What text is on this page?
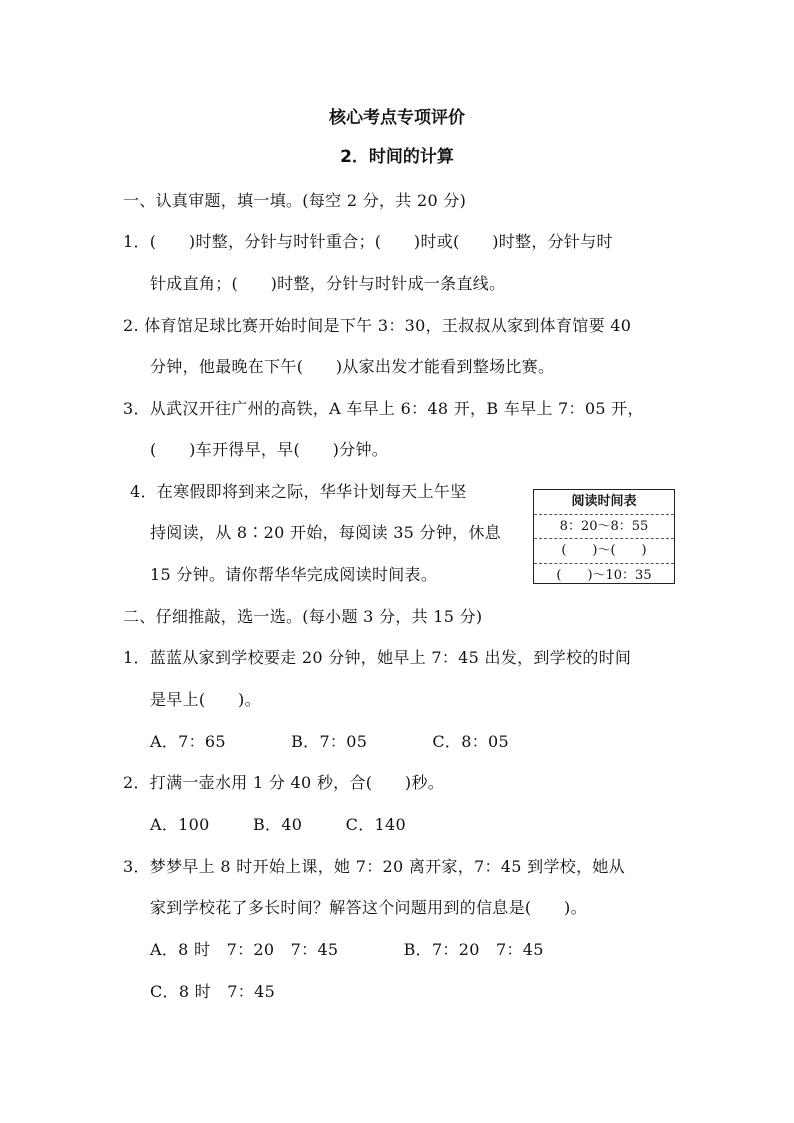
核心考点专项评价
2．时间的计算
一、认真审题，填一填。(每空 2 分，共 20 分)
1．(　　)时整，分针与时针重合；(　　)时或(　　)时整，分针与时
针成直角；(　　)时整，分针与时针成一条直线。
2. 体育馆足球比赛开始时间是下午 3：30，王叔叔从家到体育馆要 40
分钟，他最晚在下午(　　)从家出发才能看到整场比赛。
3．从武汉开往广州的高铁，A 车早上 6：48 开，B 车早上 7：05 开，
(　　)车开得早，早(　　)分钟。
4．在寒假即将到来之际，华华计划每天上午坚
持阅读，从 8∶20 开始，每阅读 35 分钟，休息
15 分钟。请你帮华华完成阅读时间表。
阅读时间表
8：20～8：55
(　　)～(　　)
(　　)～10：35
二、仔细推敲，选一选。(每小题 3 分，共 15 分)
1．蓝蓝从家到学校要走 20 分钟，她早上 7：45 出发，到学校的时间
是早上(　　)。
A．7：65　　　　B．7：05　　　　C．8：05
2．打满一壶水用 1 分 40 秒，合(　　)秒。
A．100　　  B．40　　  C．140
3．梦梦早上 8 时开始上课，她 7：20 离开家，7：45 到学校，她从
家到学校花了多长时间？解答这个问题用到的信息是(　　)。
A．8 时　7：20　7：45　　　　B．7：20　7：45
C．8 时　7：45
